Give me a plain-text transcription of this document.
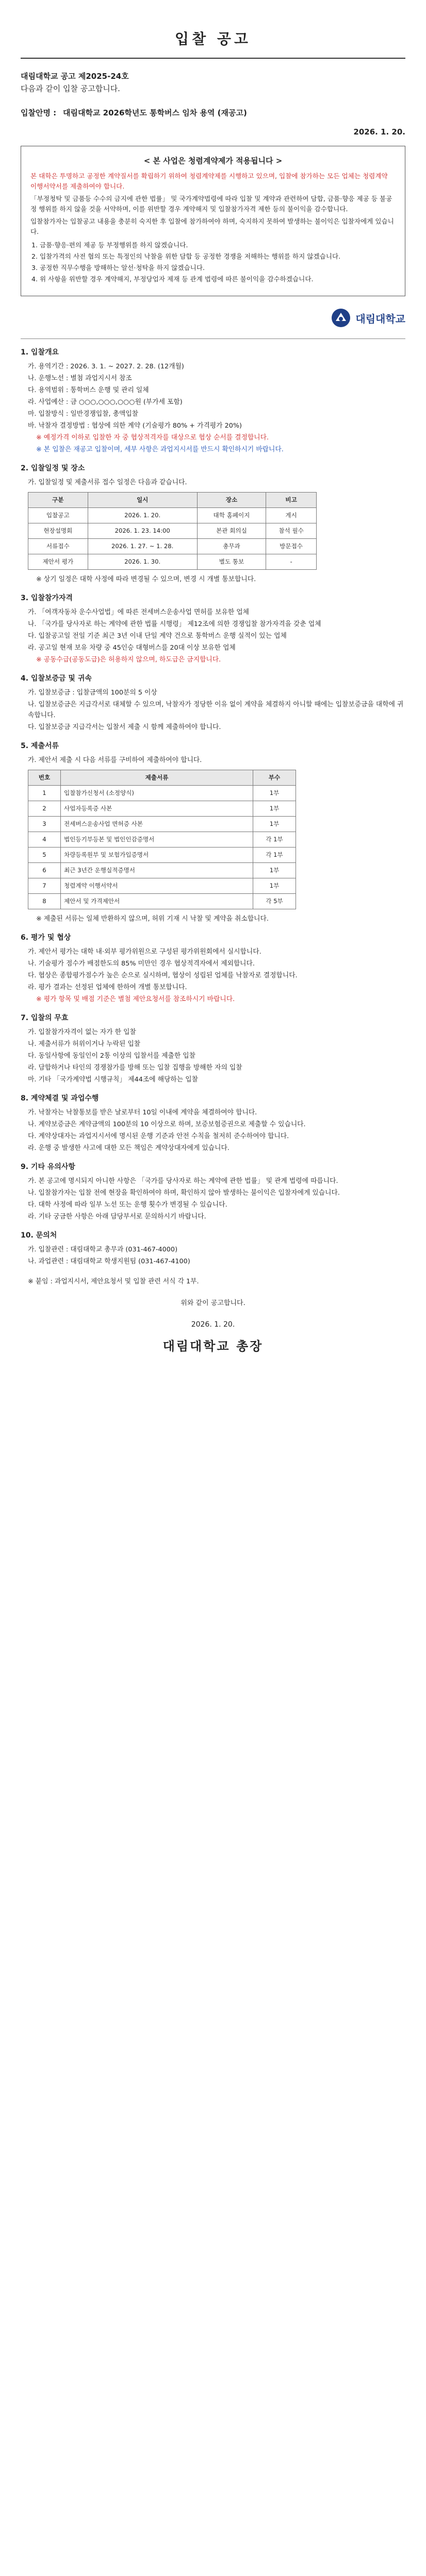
입찰 공고
대림대학교 공고 제2025-24호
다음과 같이 입찰 공고합니다.
입찰안명 : 대림대학교 2026학년도 통학버스 임차 용역 (재공고)
2026. 1. 20.
< 본 사업은 청렴계약제가 적용됩니다 >

본 대학은 투명하고 공정한 계약질서를 확립하기 위하여 청렴계약제를 시행하고 있으며, 입찰에 참가하는 모든 업체는 청렴계약 이행서약서를 제출하여야 합니다.

「부정청탁 및 금품등 수수의 금지에 관한 법률」 및 국가계약법령에 따라 입찰 및 계약과 관련하여 담합, 금품·향응 제공 등 불공정 행위를 하지 않을 것을 서약하며, 이를 위반할 경우 계약해지 및 입찰참가자격 제한 등의 불이익을 감수합니다.

입찰참가자는 입찰공고 내용을 충분히 숙지한 후 입찰에 참가하여야 하며, 숙지하지 못하여 발생하는 불이익은 입찰자에게 있습니다.

1. 금품·향응·편의 제공 등 부정행위를 하지 않겠습니다.
2. 입찰가격의 사전 협의 또는 특정인의 낙찰을 위한 담합 등 공정한 경쟁을 저해하는 행위를 하지 않겠습니다.
3. 공정한 직무수행을 방해하는 알선·청탁을 하지 않겠습니다.
4. 위 사항을 위반할 경우 계약해지, 부정당업자 제재 등 관계 법령에 따른 불이익을 감수하겠습니다.
대림대학교
1. 입찰개요
가. 용역기간 : 2026. 3. 1. ~ 2027. 2. 28. (12개월)
나. 운행노선 : 별첨 과업지시서 참조
다. 용역범위 : 통학버스 운행 및 관리 일체
라. 사업예산 : 금 ○○○,○○○,○○○원 (부가세 포함)
마. 입찰방식 : 일반경쟁입찰, 총액입찰
바. 낙찰자 결정방법 : 협상에 의한 계약 (기술평가 80% + 가격평가 20%)
※ 예정가격 이하로 입찰한 자 중 협상적격자를 대상으로 협상 순서를 결정합니다.
※ 본 입찰은 재공고 입찰이며, 세부 사항은 과업지시서를 반드시 확인하시기 바랍니다.
2. 입찰일정 및 장소
가. 입찰일정 및 제출서류 접수 일정은 다음과 같습니다.
구분	일시	장소	비고
입찰공고	2026. 1. 20.	대학 홈페이지	게시
현장설명회	2026. 1. 23. 14:00	본관 회의실	참석 필수
서류접수	2026. 1. 27. ~ 1. 28.	총무과	방문접수
제안서 평가	2026. 1. 30.	별도 통보	-
※ 상기 일정은 대학 사정에 따라 변경될 수 있으며, 변경 시 개별 통보합니다.
3. 입찰참가자격
가. 「여객자동차 운수사업법」에 따른 전세버스운송사업 면허를 보유한 업체
나. 「국가를 당사자로 하는 계약에 관한 법률 시행령」 제12조에 의한 경쟁입찰 참가자격을 갖춘 업체
다. 입찰공고일 전일 기준 최근 3년 이내 단일 계약 건으로 통학버스 운행 실적이 있는 업체
라. 공고일 현재 보유 차량 중 45인승 대형버스를 20대 이상 보유한 업체
※ 공동수급(공동도급)은 허용하지 않으며, 하도급은 금지합니다.
4. 입찰보증금 및 귀속
가. 입찰보증금 : 입찰금액의 100분의 5 이상
나. 입찰보증금은 지급각서로 대체할 수 있으며, 낙찰자가 정당한 이유 없이 계약을 체결하지 아니할 때에는 입찰보증금을 대학에 귀속합니다.
다. 입찰보증금 지급각서는 입찰서 제출 시 함께 제출하여야 합니다.
5. 제출서류
가. 제안서 제출 시 다음 서류를 구비하여 제출하여야 합니다.
번호	제출서류	부수
1	입찰참가신청서 (소정양식)	1부
2	사업자등록증 사본	1부
3	전세버스운송사업 면허증 사본	1부
4	법인등기부등본 및 법인인감증명서	각 1부
5	차량등록원부 및 보험가입증명서	각 1부
6	최근 3년간 운행실적증명서	1부
7	청렴계약 이행서약서	1부
8	제안서 및 가격제안서	각 5부
※ 제출된 서류는 일체 반환하지 않으며, 허위 기재 시 낙찰 및 계약을 취소합니다.
6. 평가 및 협상
가. 제안서 평가는 대학 내·외부 평가위원으로 구성된 평가위원회에서 실시합니다.
나. 기술평가 점수가 배점한도의 85% 미만인 경우 협상적격자에서 제외합니다.
다. 협상은 종합평가점수가 높은 순으로 실시하며, 협상이 성립된 업체를 낙찰자로 결정합니다.
라. 평가 결과는 선정된 업체에 한하여 개별 통보합니다.
※ 평가 항목 및 배점 기준은 별첨 제안요청서를 참조하시기 바랍니다.
7. 입찰의 무효
가. 입찰참가자격이 없는 자가 한 입찰
나. 제출서류가 허위이거나 누락된 입찰
다. 동일사항에 동일인이 2통 이상의 입찰서를 제출한 입찰
라. 담합하거나 타인의 경쟁참가를 방해 또는 입찰 집행을 방해한 자의 입찰
마. 기타 「국가계약법 시행규칙」 제44조에 해당하는 입찰
8. 계약체결 및 과업수행
가. 낙찰자는 낙찰통보를 받은 날로부터 10일 이내에 계약을 체결하여야 합니다.
나. 계약보증금은 계약금액의 100분의 10 이상으로 하며, 보증보험증권으로 제출할 수 있습니다.
다. 계약상대자는 과업지시서에 명시된 운행 기준과 안전 수칙을 철저히 준수하여야 합니다.
라. 운행 중 발생한 사고에 대한 모든 책임은 계약상대자에게 있습니다.
9. 기타 유의사항
가. 본 공고에 명시되지 아니한 사항은 「국가를 당사자로 하는 계약에 관한 법률」 및 관계 법령에 따릅니다.
나. 입찰참가자는 입찰 전에 현장을 확인하여야 하며, 확인하지 않아 발생하는 불이익은 입찰자에게 있습니다.
다. 대학 사정에 따라 일부 노선 또는 운행 횟수가 변경될 수 있습니다.
라. 기타 궁금한 사항은 아래 담당부서로 문의하시기 바랍니다.
10. 문의처
가. 입찰관련 : 대림대학교 총무과 (031-467-4000)
나. 과업관련 : 대림대학교 학생지원팀 (031-467-4100)
※ 붙임 : 과업지시서, 제안요청서 및 입찰 관련 서식 각 1부.
위와 같이 공고합니다.
2026. 1. 20.
대림대학교 총장
